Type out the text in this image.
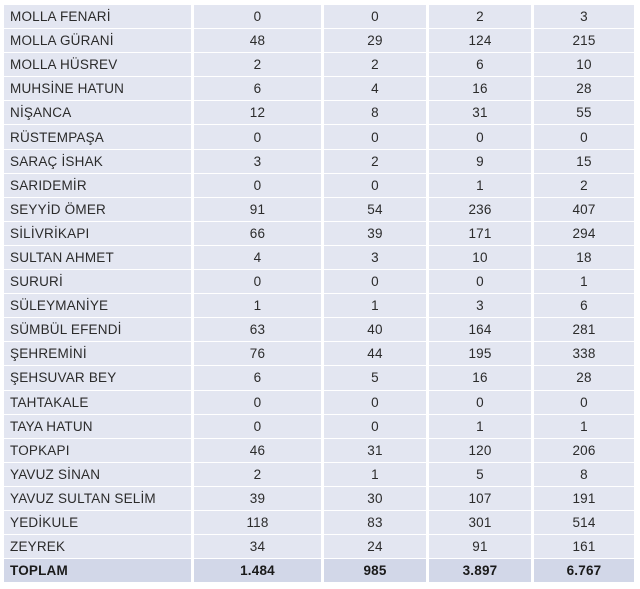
MOLLA FENARİ	0	0	2	3
MOLLA GÜRANİ	48	29	124	215
MOLLA HÜSREV	2	2	6	10
MUHSİNE HATUN	6	4	16	28
NİŞANCA	12	8	31	55
RÜSTEMPAŞA	0	0	0	0
SARAÇ İSHAK	3	2	9	15
SARIDEMİR	0	0	1	2
SEYYİD ÖMER	91	54	236	407
SİLİVRİKAPI	66	39	171	294
SULTAN AHMET	4	3	10	18
SURURİ	0	0	0	1
SÜLEYMANİYE	1	1	3	6
SÜMBÜL EFENDİ	63	40	164	281
ŞEHREMİNİ	76	44	195	338
ŞEHSUVAR BEY	6	5	16	28
TAHTAKALE	0	0	0	0
TAYA HATUN	0	0	1	1
TOPKAPI	46	31	120	206
YAVUZ SİNAN	2	1	5	8
YAVUZ SULTAN SELİM	39	30	107	191
YEDİKULE	118	83	301	514
ZEYREK	34	24	91	161
TOPLAM	1.484	985	3.897	6.767
